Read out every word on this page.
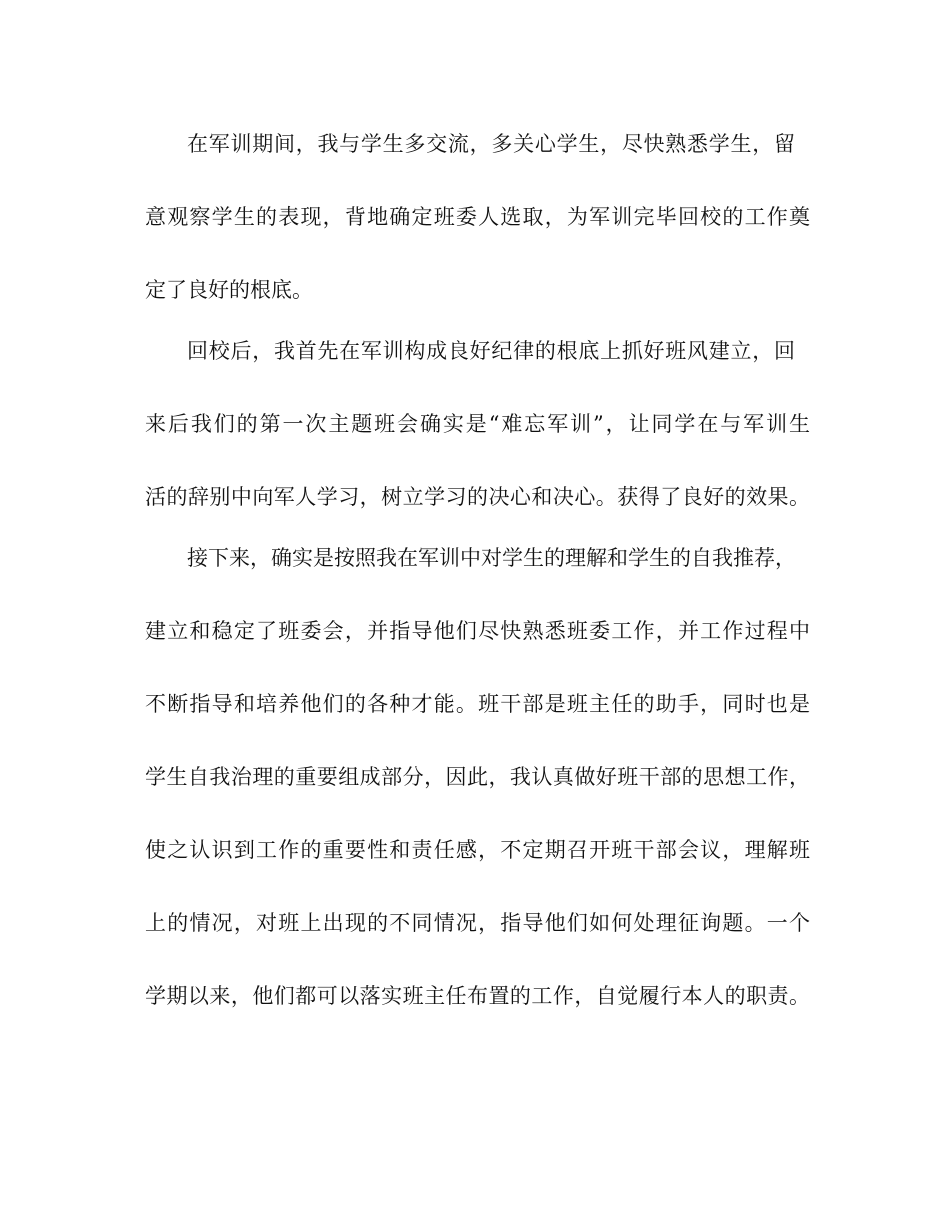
在军训期间，我与学生多交流，多关心学生，尽快熟悉学生，留
意观察学生的表现，背地确定班委人选取，为军训完毕回校的工作奠
定了良好的根底。
回校后，我首先在军训构成良好纪律的根底上抓好班风建立，回
来后我们的第一次主题班会确实是“难忘军训”，让同学在与军训生
活的辞别中向军人学习，树立学习的决心和决心。获得了良好的效果。
接下来，确实是按照我在军训中对学生的理解和学生的自我推荐，
建立和稳定了班委会，并指导他们尽快熟悉班委工作，并工作过程中
不断指导和培养他们的各种才能。班干部是班主任的助手，同时也是
学生自我治理的重要组成部分，因此，我认真做好班干部的思想工作，
使之认识到工作的重要性和责任感，不定期召开班干部会议，理解班
上的情况，对班上出现的不同情况，指导他们如何处理征询题。一个
学期以来，他们都可以落实班主任布置的工作，自觉履行本人的职责。
